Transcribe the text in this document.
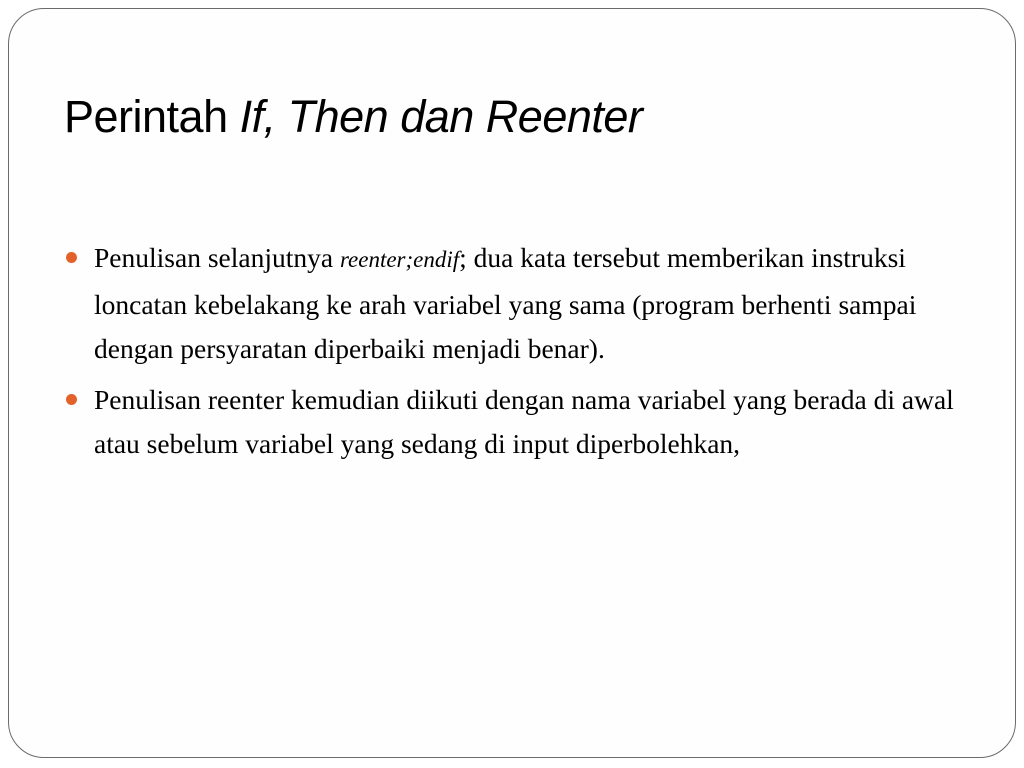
Perintah If, Then dan Reenter
Penulisan selanjutnya reenter;endif; dua kata tersebut memberikan instruksi loncatan kebelakang ke arah variabel yang sama (program berhenti sampai dengan persyaratan diperbaiki menjadi benar).
Penulisan reenter kemudian diikuti dengan nama variabel yang berada di awal atau sebelum variabel yang sedang di input diperbolehkan,
